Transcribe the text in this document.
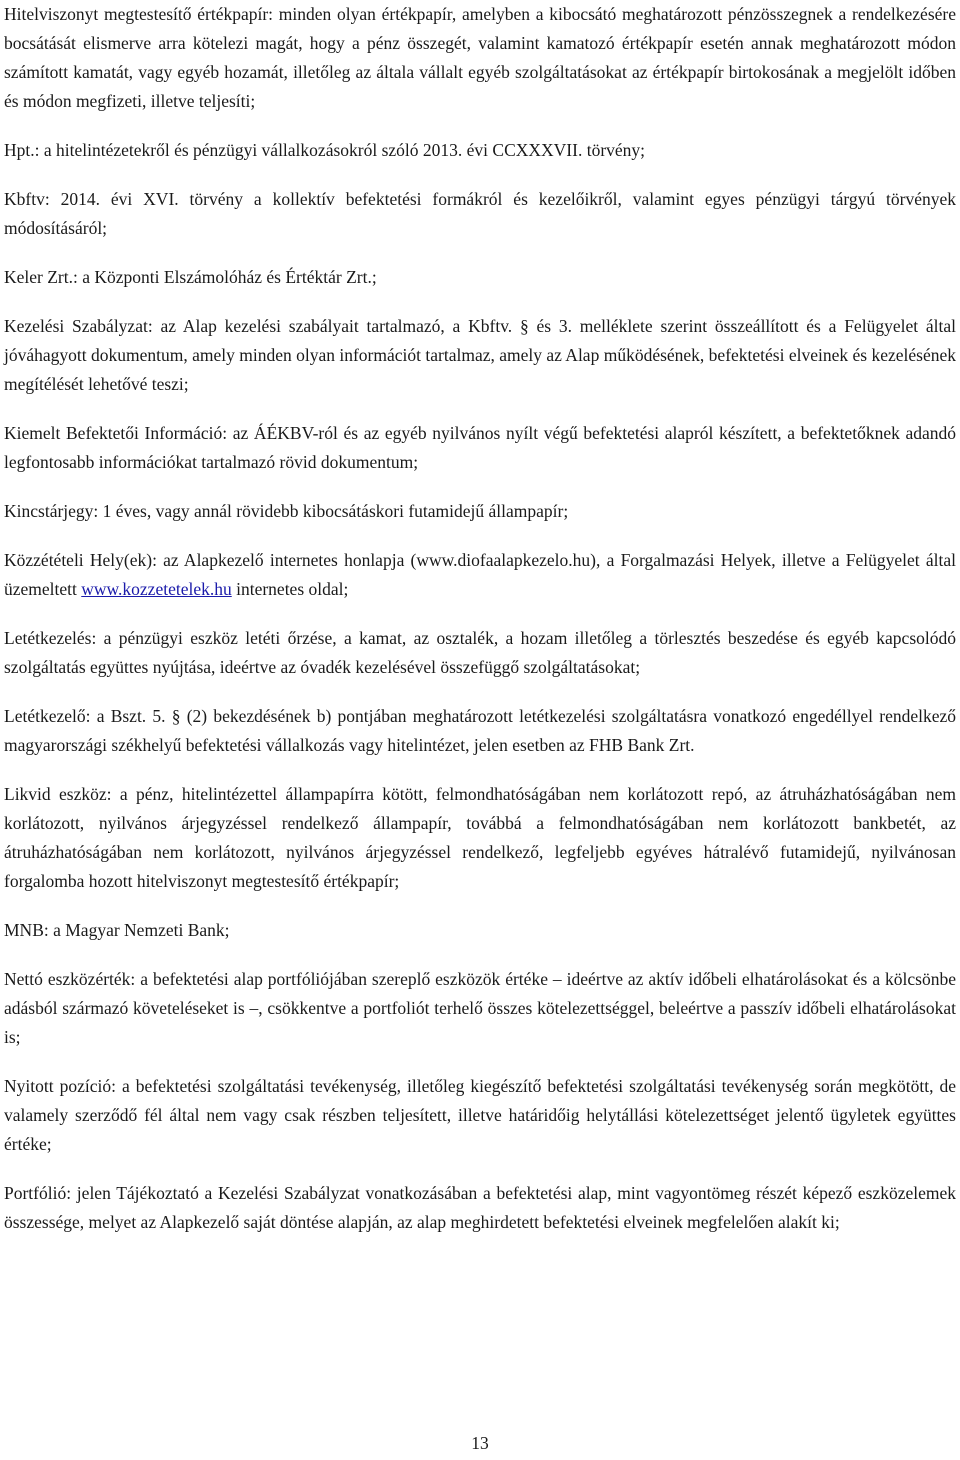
Hitelviszonyt megtestesítő értékpapír: minden olyan értékpapír, amelyben a kibocsátó meghatározott pénzösszegnek a rendelkezésére bocsátását elismerve arra kötelezi magát, hogy a pénz összegét, valamint kamatozó értékpapír esetén annak meghatározott módon számított kamatát, vagy egyéb hozamát, illetőleg az általa vállalt egyéb szolgáltatásokat az értékpapír birtokosának a megjelölt időben és módon megfizeti, illetve teljesíti;

Hpt.: a hitelintézetekről és pénzügyi vállalkozásokról szóló 2013. évi CCXXXVII. törvény;

Kbftv: 2014. évi XVI. törvény a kollektív befektetési formákról és kezelőikről, valamint egyes pénzügyi tárgyú törvények módosításáról;

Keler Zrt.: a Központi Elszámolóház és Értéktár Zrt.;

Kezelési Szabályzat: az Alap kezelési szabályait tartalmazó, a Kbftv. § és 3. melléklete szerint összeállított és a Felügyelet által jóváhagyott dokumentum, amely minden olyan információt tartalmaz, amely az Alap működésének, befektetési elveinek és kezelésének megítélését lehetővé teszi;

Kiemelt Befektetői Információ: az ÁÉKBV-ról és az egyéb nyilvános nyílt végű befektetési alapról készített, a befektetőknek adandó legfontosabb információkat tartalmazó rövid dokumentum;

Kincstárjegy: 1 éves, vagy annál rövidebb kibocsátáskori futamidejű állampapír;

Közzétételi Hely(ek): az Alapkezelő internetes honlapja (www.diofaalapkezelo.hu), a Forgalmazási Helyek, illetve a Felügyelet által üzemeltett www.kozzetetelek.hu internetes oldal;

Letétkezelés: a pénzügyi eszköz letéti őrzése, a kamat, az osztalék, a hozam illetőleg a törlesztés beszedése és egyéb kapcsolódó szolgáltatás együttes nyújtása, ideértve az óvadék kezelésével összefüggő szolgáltatásokat;

Letétkezelő: a Bszt. 5. § (2) bekezdésének b) pontjában meghatározott letétkezelési szolgáltatásra vonatkozó engedéllyel rendelkező magyarországi székhelyű befektetési vállalkozás vagy hitelintézet, jelen esetben az FHB Bank Zrt.

Likvid eszköz: a pénz, hitelintézettel állampapírra kötött, felmondhatóságában nem korlátozott repó, az átruházhatóságában nem korlátozott, nyilvános árjegyzéssel rendelkező állampapír, továbbá a felmondhatóságában nem korlátozott bankbetét, az átruházhatóságában nem korlátozott, nyilvános árjegyzéssel rendelkező, legfeljebb egyéves hátralévő futamidejű, nyilvánosan forgalomba hozott hitelviszonyt megtestesítő értékpapír;

MNB: a Magyar Nemzeti Bank;

Nettó eszközérték: a befektetési alap portfóliójában szereplő eszközök értéke – ideértve az aktív időbeli elhatárolásokat és a kölcsönbe adásból származó követeléseket is –, csökkentve a portfoliót terhelő összes kötelezettséggel, beleértve a passzív időbeli elhatárolásokat is;

Nyitott pozíció: a befektetési szolgáltatási tevékenység, illetőleg kiegészítő befektetési szolgáltatási tevékenység során megkötött, de valamely szerződő fél által nem vagy csak részben teljesített, illetve határidőig helytállási kötelezettséget jelentő ügyletek együttes értéke;

Portfólió: jelen Tájékoztató a Kezelési Szabályzat vonatkozásában a befektetési alap, mint vagyontömeg részét képező eszközelemek összessége, melyet az Alapkezelő saját döntése alapján, az alap meghirdetett befektetési elveinek megfelelően alakít ki;

13
